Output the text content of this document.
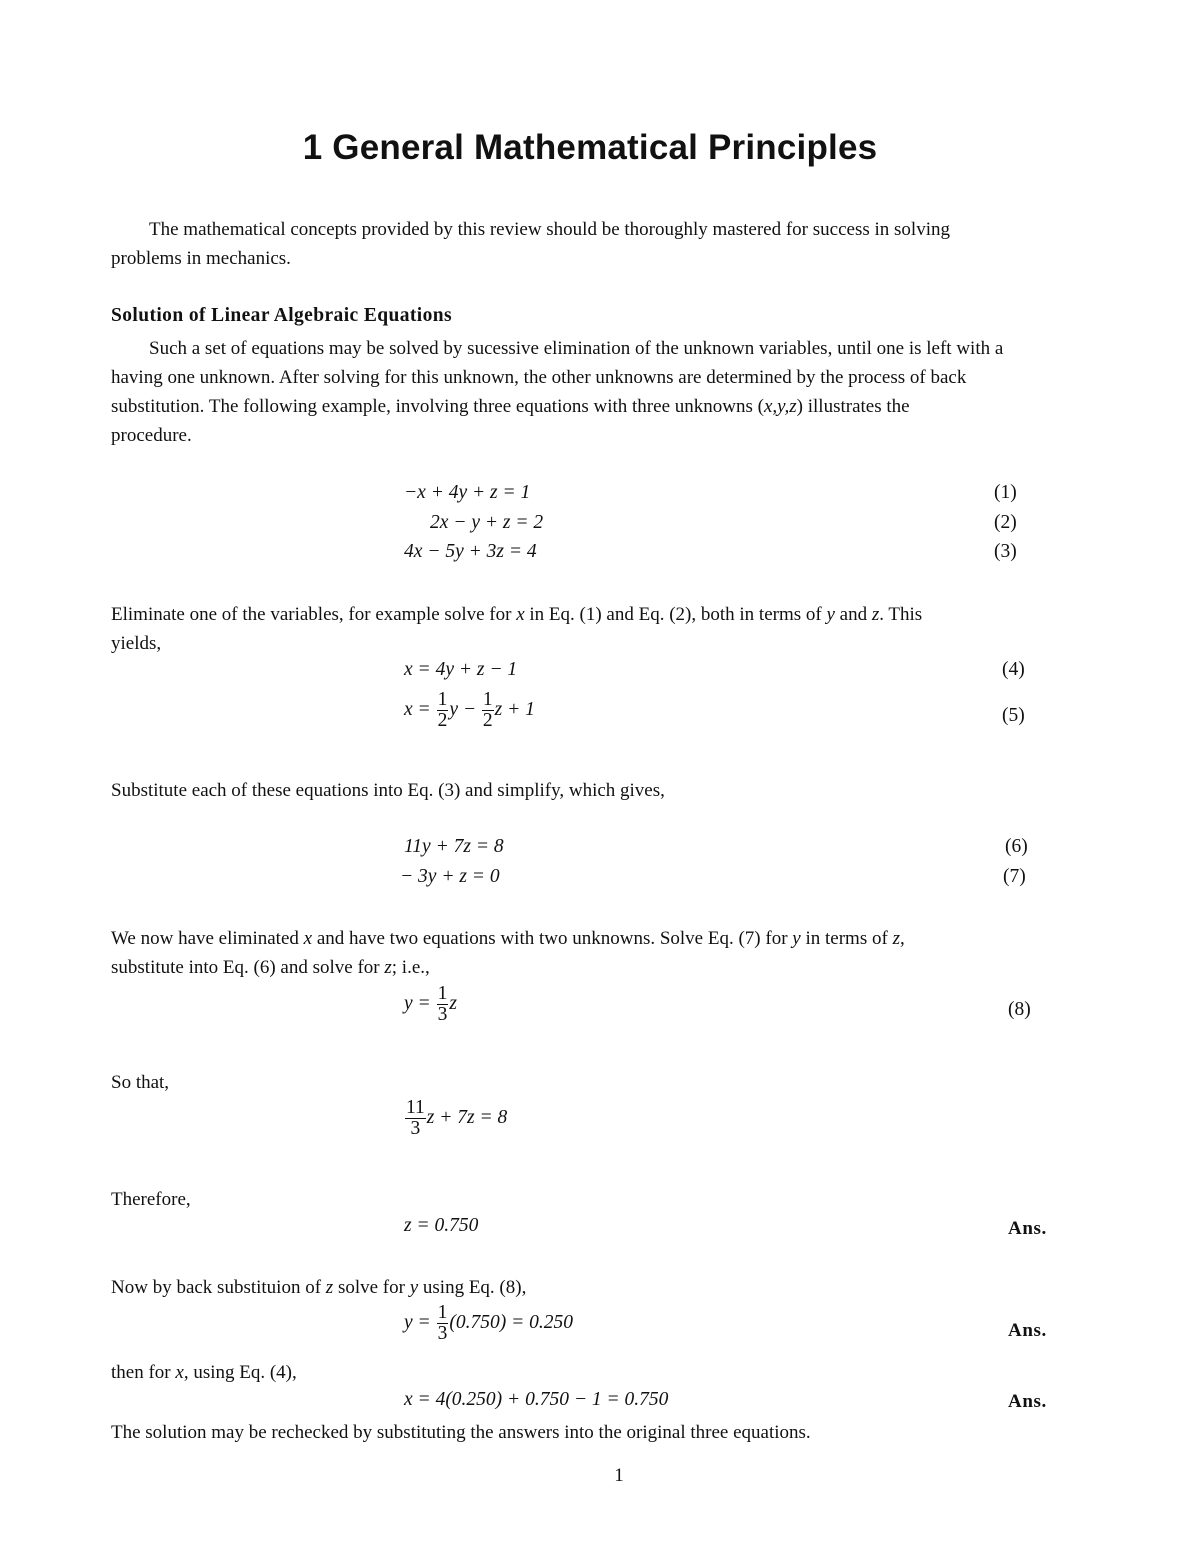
1 General Mathematical Principles
The mathematical concepts provided by this review should be thoroughly mastered for success in solving
problems in mechanics.
Solution of Linear Algebraic Equations
Such a set of equations may be solved by sucessive elimination of the unknown variables, until one is left with a
having one unknown. After solving for this unknown, the other unknowns are determined by the process of back
substitution. The following example, involving three equations with three unknowns (x,y,z) illustrates the
procedure.
−x + 4y + z = 1	(1)
2x − y + z = 2	(2)
4x − 5y + 3z = 4	(3)
Eliminate one of the variables, for example solve for x in Eq. (1) and Eq. (2), both in terms of y and z. This
yields,
x = 4y + z − 1	(4)
$x = \frac{1}{2}$ $y - \frac{1}{2}$ z + 1	(5)
Substitute each of these equations into Eq. (3) and simplify, which gives,
11y + 7z = 8	(6)
− 3y + z = 0	(7)
We now have eliminated x and have two equations with two unknowns. Solve Eq. (7) for y in terms of z,
substitute into Eq. (6) and solve for z; i.e.,
$y = \frac{1}{3}$ z	(8)
So that,
$\frac{11}{3}$ z + 7z = 8
Therefore,
z = 0.750	Ans.
Now by back substituion of z solve for y using Eq. (8),
$y = \frac{1}{3} (0.750) = 0.250$	Ans.
then for x, using Eq. (4),
x = 4(0.250) + 0.750 − 1 = 0.750	Ans.
The solution may be rechecked by substituting the answers into the original three equations.
1
